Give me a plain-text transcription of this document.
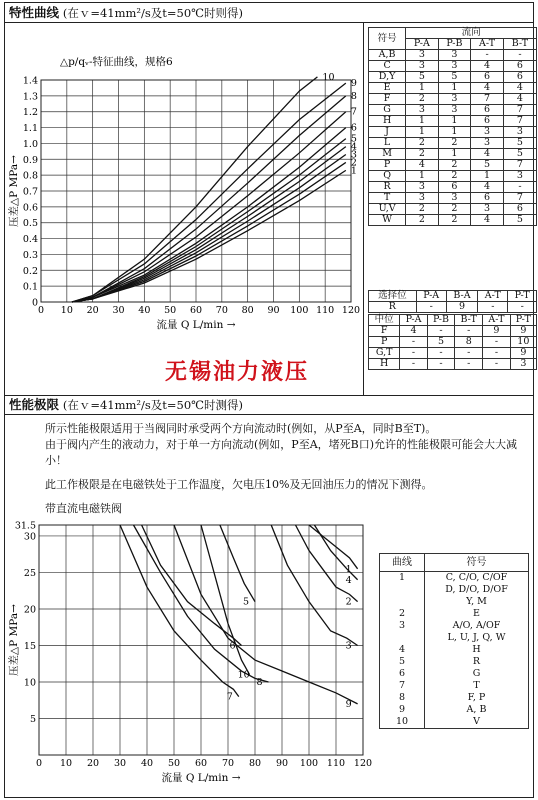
特性曲线 (在ｖ=41mm²/s及t=50℃时则得)
△p/qᵥ-特征曲线，规格6
0 10 20 30 40 50 60 70 80 90 100 110 120
0
0.1
0.2
0.3
0.4
0.5
0.6
0.7
0.8
0.9
1.0
1.1
1.2
1.3
1.4
1
2
3
4
5
6
7
8
9
10
流量 Q L/min →
压差△P MPa→
符号	流向			
	P-A	P-B	A-T	B-T
A,B	3	3	-	-
C	3	3	4	6
D,Y	5	5	6	6
E	1	1	4	4
F	2	3	7	4
G	3	3	6	7
H	1	1	6	7
J	1	1	3	3
L	2	2	3	5
M	2	1	4	5
P	4	2	5	7
Q	1	2	1	3
R	3	6	4	-
T	3	3	6	7
U,V	2	2	3	6
W	2	2	4	5
选择位	P-A	B-A	A-T	P-T
R	-	9	-	-
中位	P-A	P-B	B-T	A-T	P-T
F	4	-	-	9	9
P	-	5	8	-	10
G,T	-	-	-	-	9
H	-	-	-	-	3
无锡油力液压
性能极限 (在ｖ=41mm²/s及t=50℃时测得)
所示性能极限适用于当阀同时承受两个方向流动时(例如，从P至A，同时B至T)。
由于阀内产生的液动力，对于单一方向流动(例如，P至A，堵死B口)允许的性能极限可能会大大减小！
此工作极限是在电磁铁处于工作温度，欠电压10%及无回油压力的情况下测得。
带直流电磁铁阀
0 10 20 30 40 50 60 70 80 90 100 110 120
5
10
15
20
25
30
31.5
1
2
3
4
5
6
7
8
9
10
流量 Q L/min →
压差△P MPa→
曲线	符号
1	C, C/O, C/OF
D, D/O, D/OF
Y, M
2	E
3	A/O, A/OF
L, U, J, Q, W
4	H
5	R
6	G
7	T
8	F, P
9	A, B
10	V
